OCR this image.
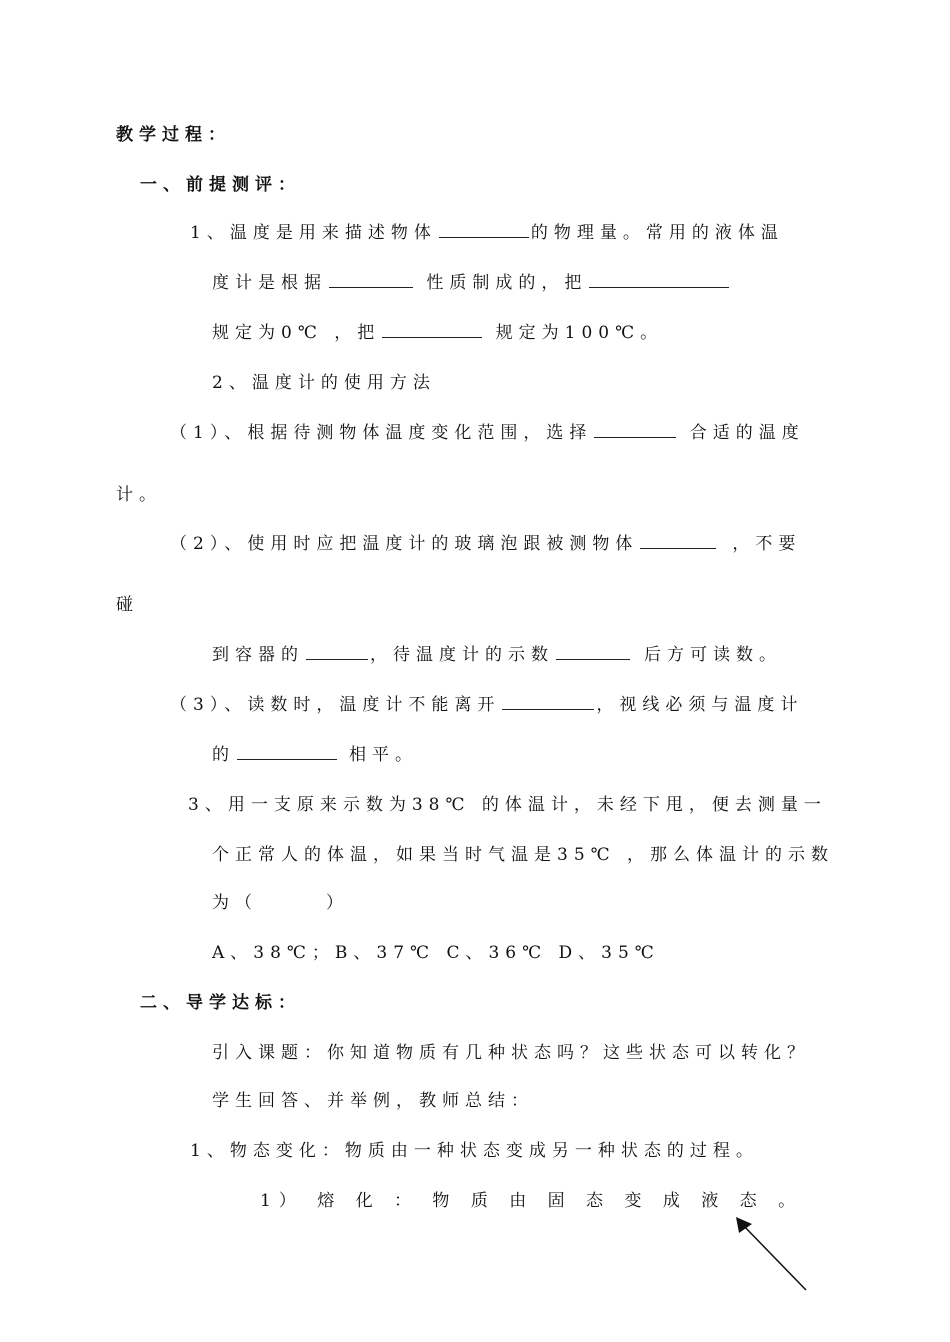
教学过程：
一、前提测评：
1、温度是用来描述物体	的物理量。常用的液体温
度计是根据	性质制成的，把
规定为0℃ ，把	规定为100℃。
2、温度计的使用方法
（1）、根据待测物体温度变化范围，选择	合适的温度
计。
（2）、使用时应把温度计的玻璃泡跟被测物体	，不要
碰
到容器的	，待温度计的示数	后方可读数。
（3）、读数时，温度计不能离开	，视线必须与温度计
的	相平。
3、用一支原来示数为38℃ 的体温计，未经下甩，便去测量一
个正常人的体温，如果当时气温是35℃ ，那么体温计的示数
为（	）
A、38℃；B、37℃ C、36℃ D、35℃
二、导学达标：
引入课题：你知道物质有几种状态吗？这些状态可以转化？
学生回答、并举例，教师总结：
1、物态变化：物质由一种状态变成另一种状态的过程。
1） 熔 化 ： 物 质 由 固 态 变 成 液 态 。
